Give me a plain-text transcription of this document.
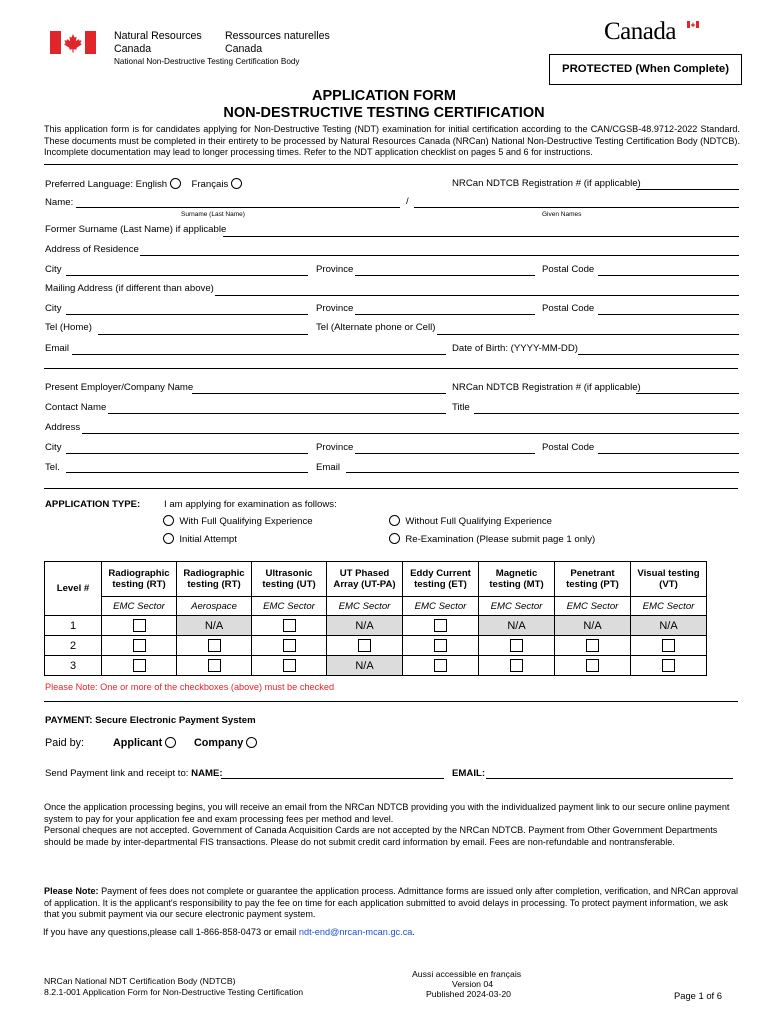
Natural Resources
Canada
Ressources naturelles
Canada
National Non-Destructive Testing Certification Body
Canada
PROTECTED (When Complete)
APPLICATION FORM
NON-DESTRUCTIVE TESTING CERTIFICATION
This application form is for candidates applying for Non-Destructive Testing (NDT) examination for initial certification according to the CAN/CGSB-48.9712-2022 Standard. These documents must be completed in their entirety to be processed by Natural Resources Canada (NRCan) National Non-Destructive Testing Certification Body (NDTCB). Incomplete documentation may lead to longer processing times. Refer to the NDT application checklist on pages 5 and 6 for instructions.
Preferred Language: English	Français	NRCan NDTCB Registration # (if applicable)
Name:	/
Surname (Last Name)	Given Names
Former Surname (Last Name) if applicable
Address of Residence
City	Province	Postal Code
Mailing Address (if different than above)
City	Province	Postal Code
Tel (Home)	Tel (Alternate phone or Cell)
Email	Date of Birth: (YYYY-MM-DD)
Present Employer/Company Name	NRCan NDTCB Registration # (if applicable)
Contact Name	Title
Address
City	Province	Postal Code
Tel.	Email
APPLICATION TYPE: I am applying for examination as follows:
With Full Qualifying Experience	Without Full Qualifying Experience
Initial Attempt	Re-Examination (Please submit page 1 only)
Level #	Radiographic testing (RT)	Radiographic testing (RT)	Ultrasonic testing (UT)	UT Phased Array (UT-PA)	Eddy Current testing (ET)	Magnetic testing (MT)	Penetrant testing (PT)	Visual testing (VT)
	EMC Sector	Aerospace	EMC Sector	EMC Sector	EMC Sector	EMC Sector	EMC Sector	EMC Sector
1		N/A		N/A		N/A	N/A	N/A
2								
3				N/A				
Please Note: One or more of the checkboxes (above) must be checked
PAYMENT: Secure Electronic Payment System
Paid by:	Applicant	Company
Send Payment link and receipt to: NAME:	EMAIL:
Once the application processing begins, you will receive an email from the NRCan NDTCB providing you with the individualized payment link to our secure online payment system to pay for your application fee and exam processing fees per method and level.
Personal cheques are not accepted. Government of Canada Acquisition Cards are not accepted by the NRCan NDTCB. Payment from Other Government Departments should be made by inter-departmental FIS transactions. Please do not submit credit card information by email. Fees are non-refundable and nontransferable.
Please Note: Payment of fees does not complete or guarantee the application process. Admittance forms are issued only after completion, verification, and NRCan approval of application. It is the applicant's responsibility to pay the fee on time for each application submitted to avoid delays in processing. To protect payment information, we ask that you submit payment via our secure electronic payment system.
If you have any questions,please call 1-866-858-0473 or email ndt-end@nrcan-mcan.gc.ca.
NRCan National NDT Certification Body (NDTCB)
8.2.1-001 Application Form for Non-Destructive Testing Certification
Aussi accessible en français
Version 04
Published 2024-03-20	Page 1 of 6
